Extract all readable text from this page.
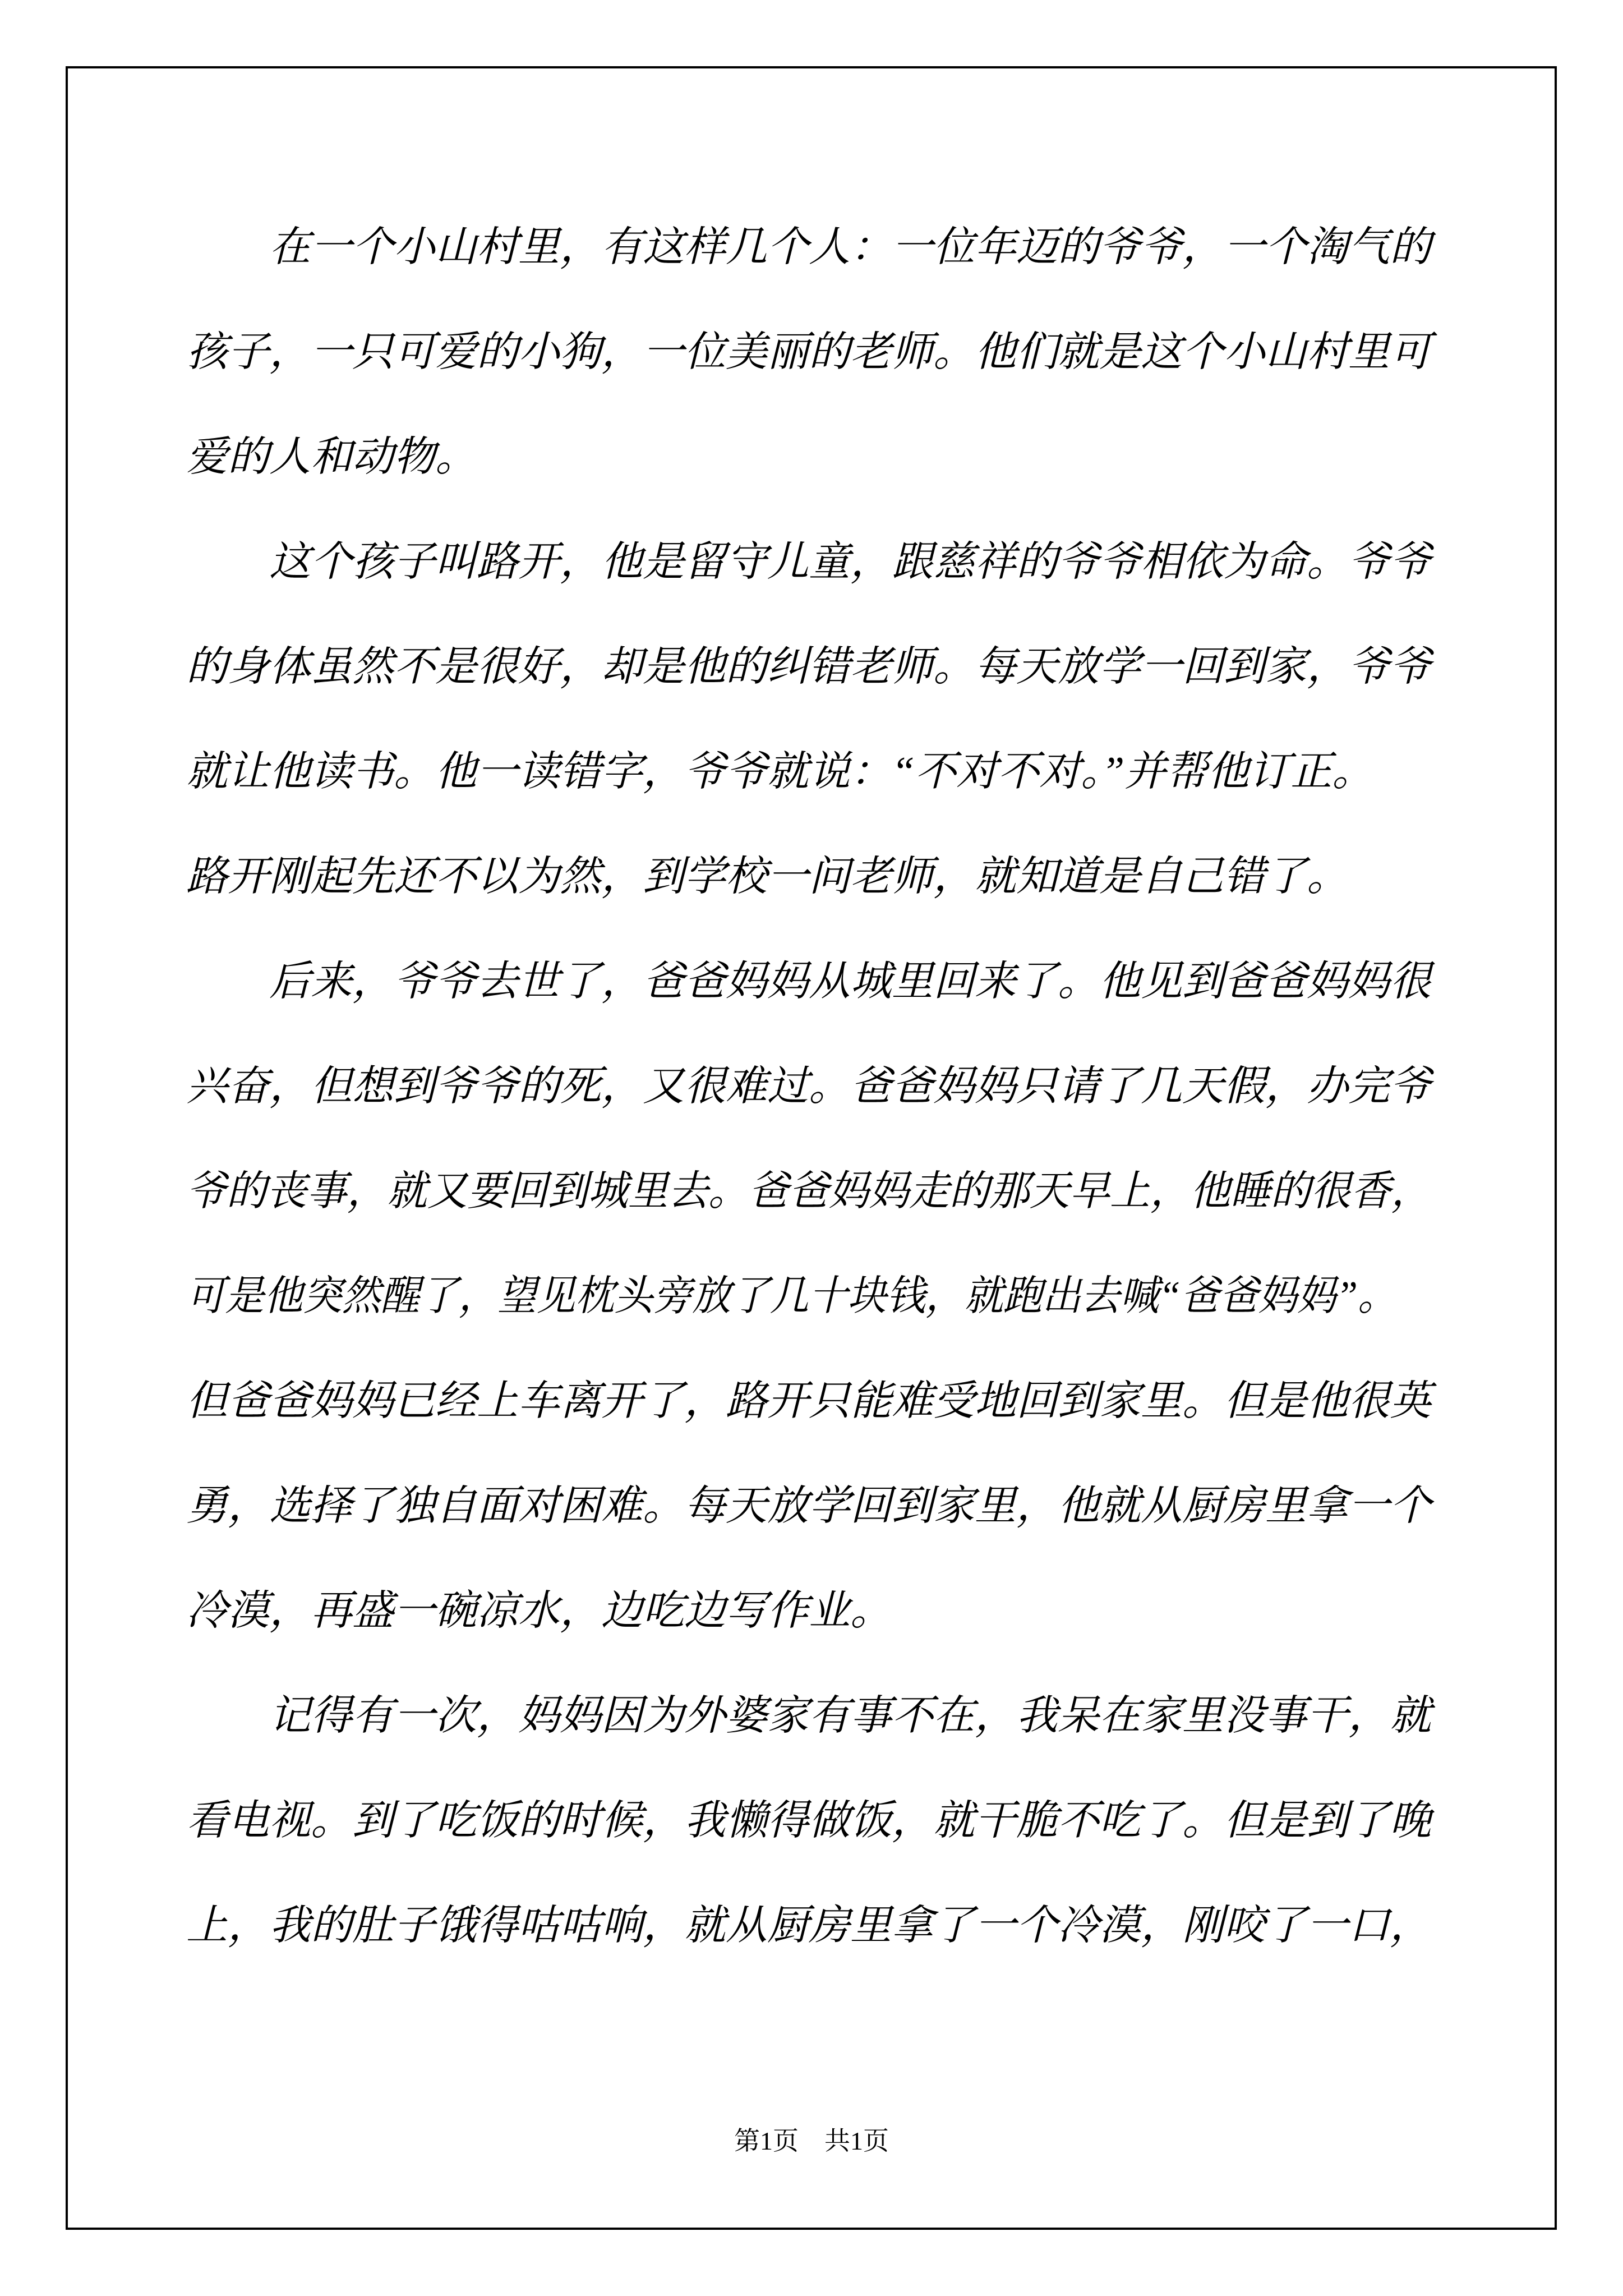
在一个小山村里，有这样几个人：一位年迈的爷爷，一个淘气的
孩子，一只可爱的小狗，一位美丽的老师。他们就是这个小山村里可
爱的人和动物。
这个孩子叫路开，他是留守儿童，跟慈祥的爷爷相依为命。爷爷
的身体虽然不是很好，却是他的纠错老师。每天放学一回到家，爷爷
就让他读书。他一读错字，爷爷就说：“不对不对。”并帮他订正。
路开刚起先还不以为然，到学校一问老师，就知道是自己错了。
后来，爷爷去世了，爸爸妈妈从城里回来了。他见到爸爸妈妈很
兴奋，但想到爷爷的死，又很难过。爸爸妈妈只请了几天假，办完爷
爷的丧事，就又要回到城里去。爸爸妈妈走的那天早上，他睡的很香，
可是他突然醒了，望见枕头旁放了几十块钱，就跑出去喊“爸爸妈妈”。
但爸爸妈妈已经上车离开了，路开只能难受地回到家里。但是他很英
勇，选择了独自面对困难。每天放学回到家里，他就从厨房里拿一个
冷漠，再盛一碗凉水，边吃边写作业。
记得有一次，妈妈因为外婆家有事不在，我呆在家里没事干，就
看电视。到了吃饭的时候，我懒得做饭，就干脆不吃了。但是到了晚
上，我的肚子饿得咕咕响，就从厨房里拿了一个冷漠，刚咬了一口，
第1页　共1页
